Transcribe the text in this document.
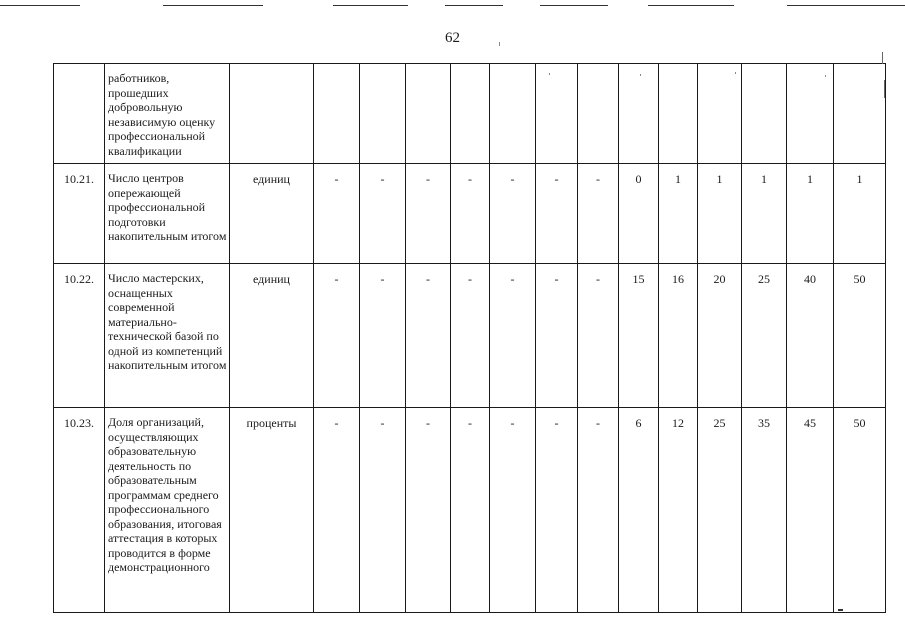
62
	работников, прошедших добровольную независимую оценку профессиональной квалификации														
10.21.	Число центров опережающей профессиональной подготовки накопительным итогом	единиц	-	-	-	-	-	-	-	0	1	1	1	1	1
10.22.	Число мастерских, оснащенных современной материально-технической базой по одной из компетенций накопительным итогом	единиц	-	-	-	-	-	-	-	15	16	20	25	40	50
10.23.	Доля организаций, осуществляющих образовательную деятельность по образовательным программам среднего профессионального образования, итоговая аттестация в которых проводится в форме демонстрационного	проценты	-	-	-	-	-	-	-	6	12	25	35	45	50
